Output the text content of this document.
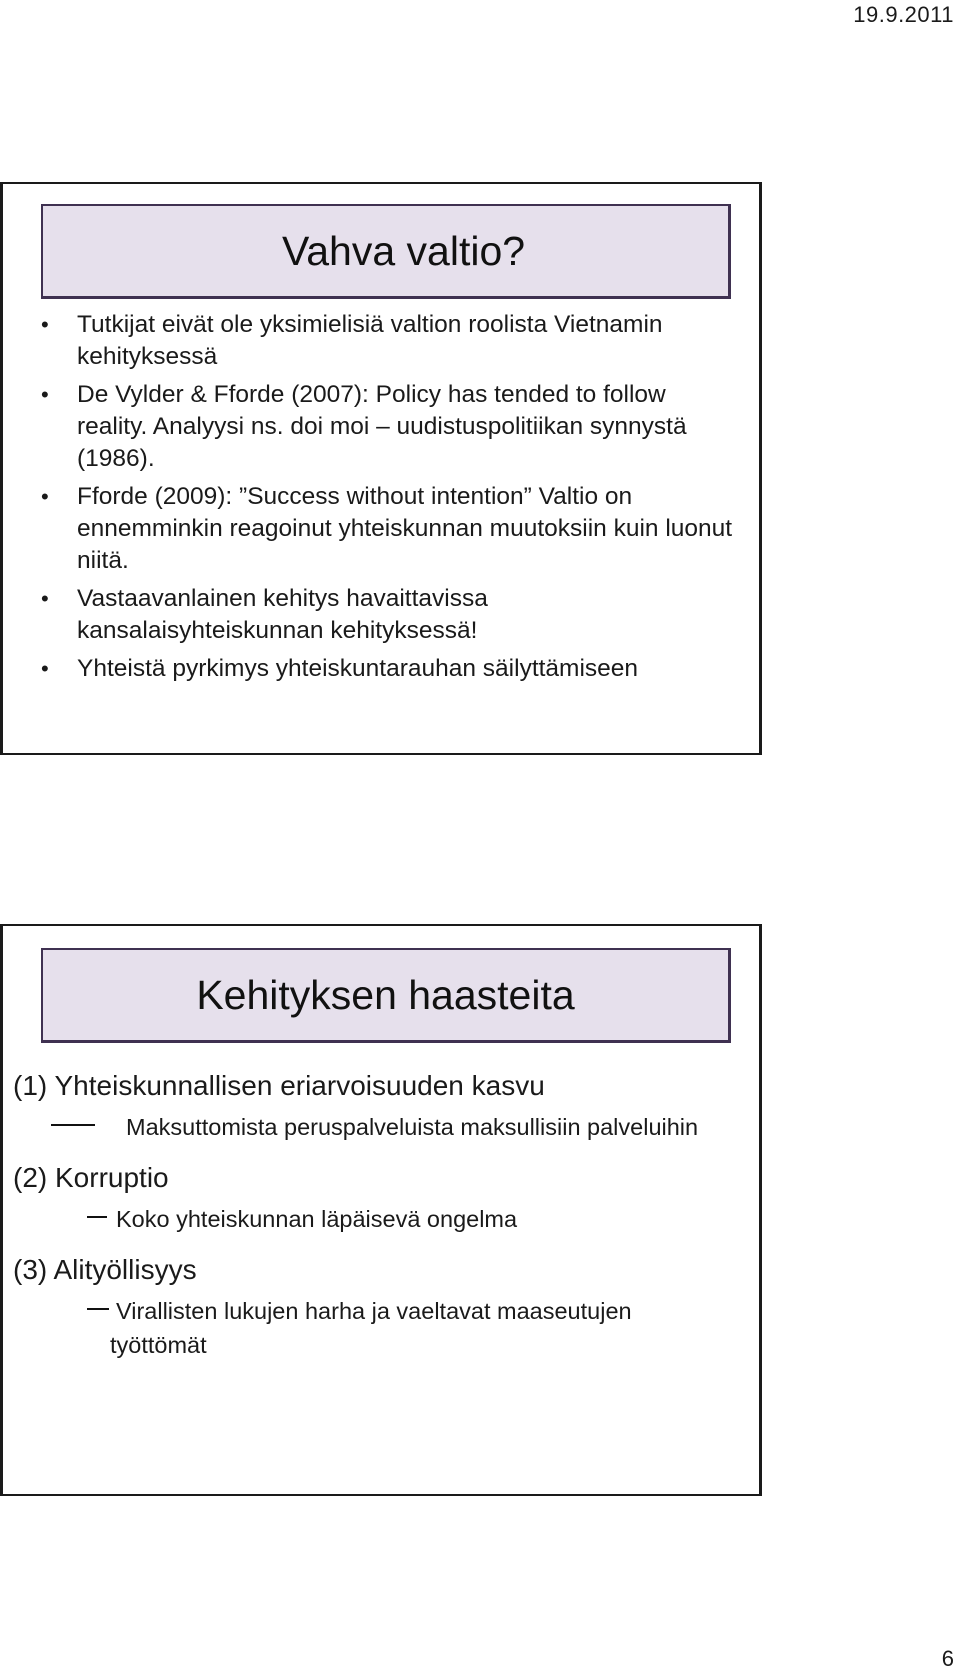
19.9.2011
Vahva valtio?
• Tutkijat eivät ole yksimielisiä valtion roolista Vietnamin kehityksessä
• De Vylder & Fforde (2007): Policy has tended to follow reality. Analyysi ns. doi moi – uudistuspolitiikan synnystä (1986).
• Fforde (2009): ”Success without intention” Valtio on ennemminkin reagoinut yhteiskunnan muutoksiin kuin luonut niitä.
• Vastaavanlainen kehitys havaittavissa kansalaisyhteiskunnan kehityksessä!
• Yhteistä pyrkimys yhteiskuntarauhan säilyttämiseen
Kehityksen haasteita
(1) Yhteiskunnallisen eriarvoisuuden kasvu
Maksuttomista peruspalveluista maksullisiin palveluihin
(2) Korruptio
Koko yhteiskunnan läpäisevä ongelma
(3) Alityöllisyys
Virallisten lukujen harha ja vaeltavat maaseutujen
työttömät
6
